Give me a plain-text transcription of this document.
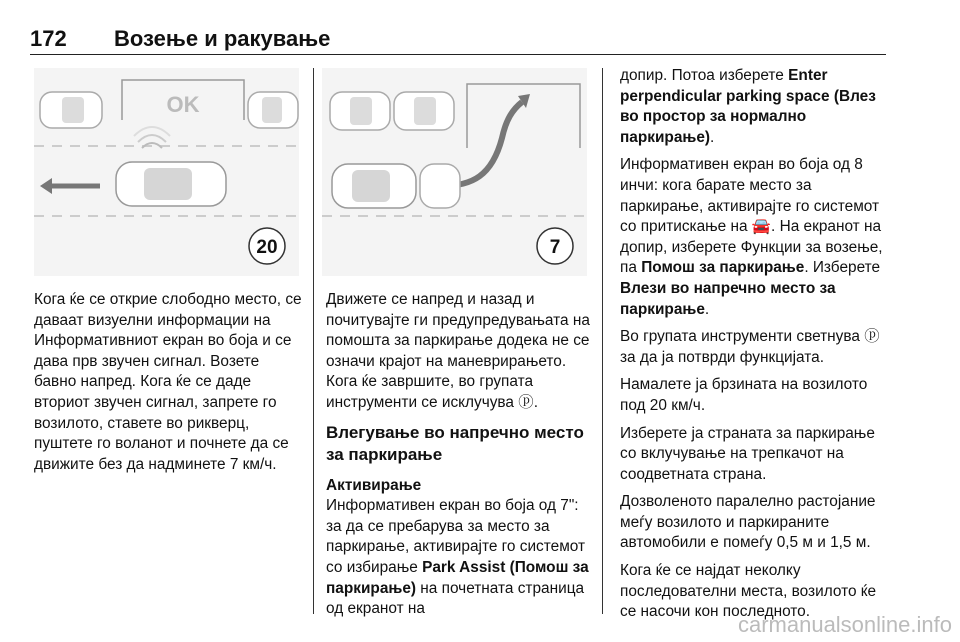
172 Возење и ракување
OK
20	7

Кога ќе се открие слободно место, се даваат визуелни информации на Информативниот екран во боја и се дава прв звучен сигнал. Возете бавно напред. Кога ќе се даде вториот звучен сигнал, запрете го возилото, ставете во рикверц, пуштете го воланот и почнете да се движите без да надминете 7 км/ч.

Движете се напред и назад и почитувајте ги предупредувањата на помошта за паркирање додека не се означи крајот на маневрирањето. Кога ќе завршите, во групата инструменти се исклучува ⓟ.

Влегување во напречно место за паркирање
Активирање

Информативен екран во боја од 7": за да се пребарува за место за паркирање, активирајте го системот со избирање Park Assist (Помош за паркирање) на почетната страница од екранот на

допир. Потоа изберете Enter perpendicular parking space (Влез во простор за нормално паркирање).

Информативен екран во боја од 8 инчи: кога барате место за паркирање, активирајте го системот со притискање на 🚘. На екранот на допир, изберете Функции за возење, па Помош за паркирање. Изберете Влези во напречно место за паркирање.

Во групата инструменти светнува ⓟ за да ја потврди функцијата.

Намалете ја брзината на возилото под 20 км/ч.

Изберете ја страната за паркирање со вклучување на трепкачот на соодветната страна.

Дозволеното паралелно растојание меѓу возилото и паркираните автомобили е помеѓу 0,5 м и 1,5 м.

Кога ќе се најдат неколку последователни места, возилото ќе се насочи кон последното.

carmanualsonline.info
